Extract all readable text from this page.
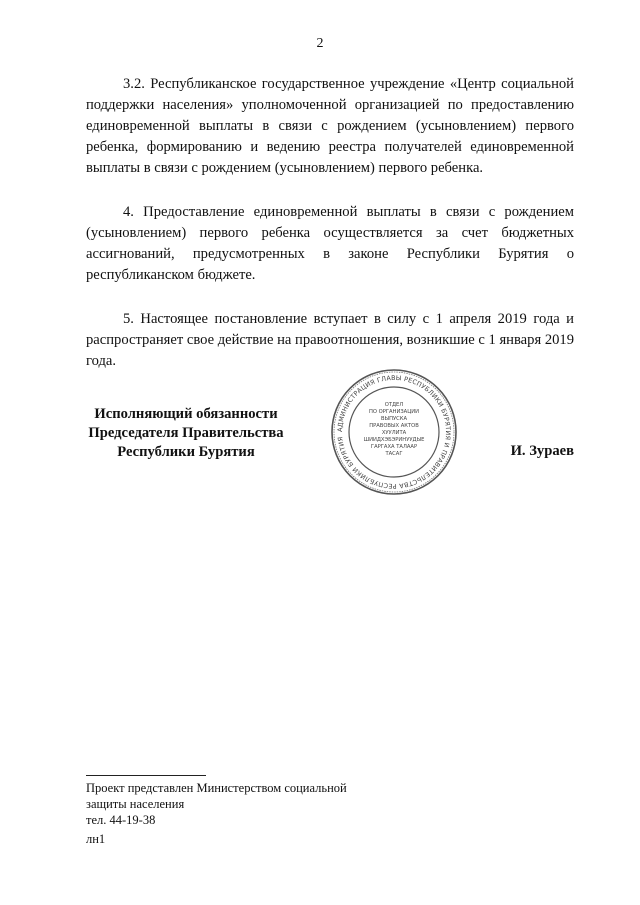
2

3.2. Республиканское государственное учреждение «Центр социальной поддержки населения» уполномоченной организацией по предоставлению единовременной выплаты в связи с рождением (усыновлением) первого ребенка, формированию и ведению реестра получателей единовременной выплаты в связи с рождением (усыновлением) первого ребенка.

4. Предоставление единовременной выплаты в связи с рождением (усыновлением) первого ребенка осуществляется за счет бюджетных ассигнований, предусмотренных в законе Республики Бурятия о республиканском бюджете.

5. Настоящее постановление вступает в силу с 1 апреля 2019 года и распространяет свое действие на правоотношения, возникшие с 1 января 2019 года.

Исполняющий обязанности
Председателя Правительства
Республики Бурятия
АДМИНИСТРАЦИЯ ГЛАВЫ РЕСПУБЛИКИ БУРЯТИЯ И ПРАВИТЕЛЬСТВА РЕСПУБЛИКИ БУРЯТИЯ
ОТДЕЛ
ПО ОРГАНИЗАЦИИ
ВЫПУСКА
ПРАВОВЫХ АКТОВ
ХУУЛИТА
ШИИДХЭБЭРИНУУДЫЕ
ГАРГАХА ТАЛААР
ТАСАГ	И. Зураев
Проект представлен Министерством социальной
защиты населения
тел. 44-19-38
лн1
